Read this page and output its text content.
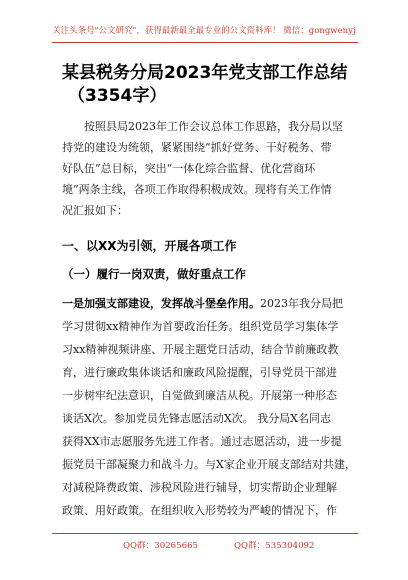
关注头条号"公文研究"，获得最新最全最专业的公文资料库！ 微信：gongwenyj
某县税务分局2023年党支部工作总结
（3354字）
按照县局2023年工作会议总体工作思路，我分局以坚
持党的建设为统领，紧紧围绕“抓好党务、干好税务、带
好队伍”总目标，突出“一体化综合监督、优化营商环
境”两条主线，各项工作取得积极成效。现将有关工作情
况汇报如下：
一、以XX为引领，开展各项工作
（一）履行一岗双责，做好重点工作
一是加强支部建设，发挥战斗堡垒作用。2023年我分局把
学习贯彻xx精神作为首要政治任务。组织党员学习集体学
习xx精神视频讲座、开展主题党日活动，结合节前廉政教
育，进行廉政集体谈话和廉政风险提醒，引导党员干部进
一步树牢纪法意识，自觉做到廉洁从税。开展第一种形态
谈话X次。参加党员先锋志愿活动X次。 我分局X名同志
获得XX市志愿服务先进工作者。通过志愿活动，进一步提
振党员干部凝聚力和战斗力。与X家企业开展支部结对共建，
对减税降费政策、涉税风险进行辅导，切实帮助企业理解
政策、用好政策。在组织收入形势较为严峻的情况下，作
QQ群：30265665	QQ群：535304092
